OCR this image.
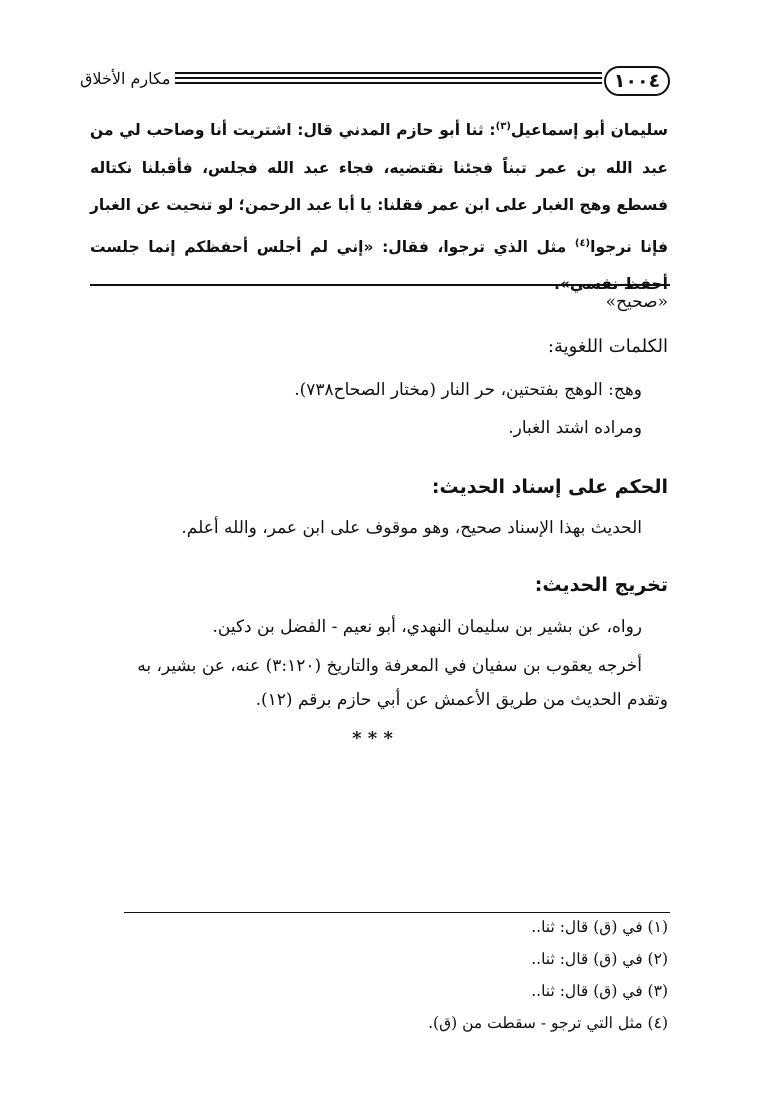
١٠٠٤
مكارم الأخلاق

سليمان أبو إسماعيل$^{(٣)}$: ثنا أبو حازم المدني قال: اشتريت أنا وصاحب لي من عبد الله بن عمر تبناً فجئنا نقتضيه، فجاء عبد الله فجلس، فأقبلنا نكتاله فسطع وهج الغبار على ابن عمر فقلنا: يا أبا عبد الرحمن؛ لو تنحيت عن الغبار فإنا نرجوا$^{(٤)}$ مثل الذي ترجوا، فقال: «إني لم أجلس أحفظكم إنما جلست أحفظ نفسي».

«صحيح»

الكلمات اللغوية:

وهج: الوهج بفتحتين، حر النار (مختار الصحاح٧٣٨).

ومراده اشتد الغبار.

الحكم على إسناد الحديث:

الحديث بهذا الإسناد صحيح، وهو موقوف على ابن عمر، والله أعلم.

تخريج الحديث:

رواه، عن بشير بن سليمان النهدي، أبو نعيم - الفضل بن دكين.

أخرجه يعقوب بن سفيان في المعرفة والتاريخ (٣:١٢٠) عنه، عن بشير، به

وتقدم الحديث من طريق الأعمش عن أبي حازم برقم (١٢).

* * *

(١) في (ق) قال: ثنا..

(٢) في (ق) قال: ثنا..

(٣) في (ق) قال: ثنا..

(٤) مثل التي ترجو - سقطت من (ق).
